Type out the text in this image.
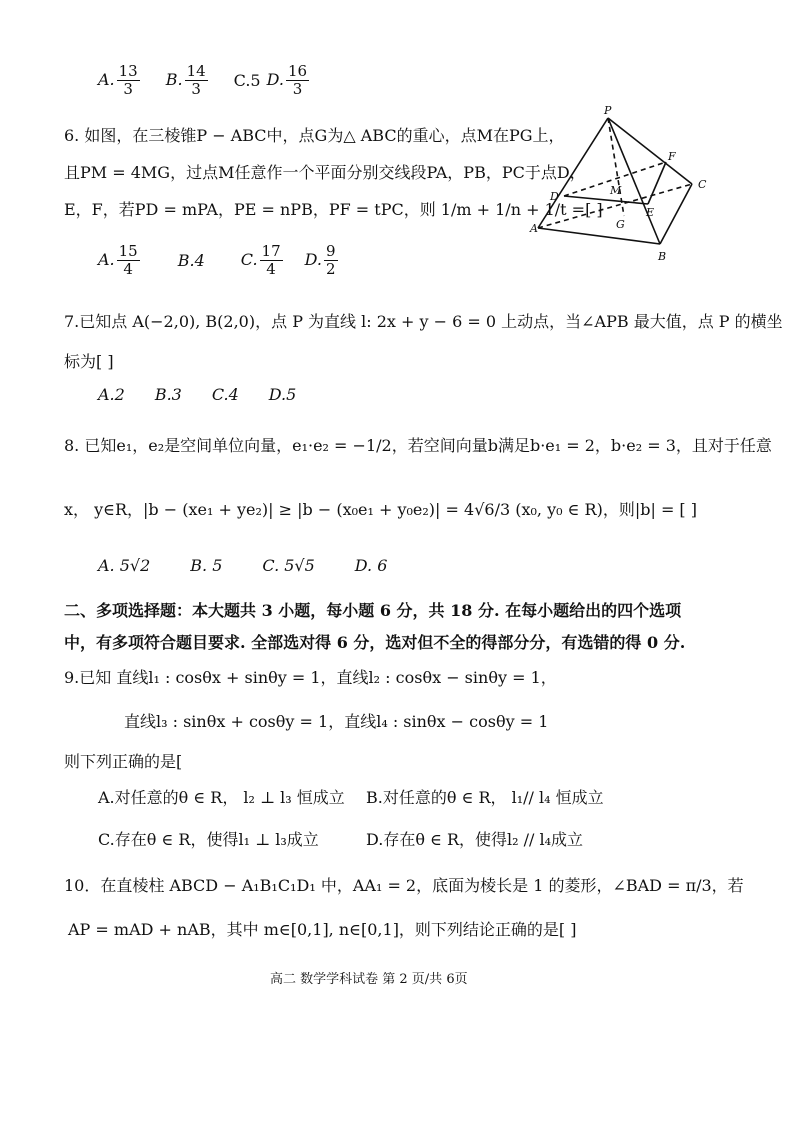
A. $\frac{13}{3} B$. $\frac{14}{3} C.5$ D. $\frac{16}{3}$
6. 如图，在三棱锥P − ABC中，点G为△ ABC的重心，点M在PG上，
且PM = 4MG，过点M任意作一个平面分别交线段PA，PB，PC于点D，
E，F，若PD = mPA，PE = nPB，PF = tPC，则 1/m + 1/n + 1/t =[ ]
A. $\frac{15}{4} B.4$ C. $\frac{17}{4} D$. $\frac{9}{2}$
P
F
C
D	M
E
G
A
B
7.已知点 A(−2,0), B(2,0)，点 P 为直线 l: 2x + y − 6 = 0 上动点，当∠APB 最大值，点 P 的横坐
标为[ ]
A.2 B.3 C.4 D.5
8. 已知e₁，e₂是空间单位向量，e₁·e₂ = −1/2，若空间向量b满足b·e₁ = 2，b·e₂ = 3，且对于任意
x， y∈R，|b − (xe₁ + ye₂)| ≥ |b − (x₀e₁ + y₀e₂)| = 4√6/3 (x₀, y₀ ∈ R)，则|b| = [ ]
A. 5√2	B. 5	C. 5√5	D. 6
二、多项选择题：本大题共 3 小题，每小题 6 分，共 18 分. 在每小题给出的四个选项
中，有多项符合题目要求. 全部选对得 6 分，选对但不全的得部分分，有选错的得 0 分.
9.已知 直线l₁ : cosθx + sinθy = 1，直线l₂ : cosθx − sinθy = 1，
直线l₃ : sinθx + cosθy = 1，直线l₄ : sinθx − cosθy = 1
则下列正确的是[
A.对任意的θ ∈ R， l₂ ⊥ l₃ 恒成立 B.对任意的θ ∈ R， l₁// l₄ 恒成立
C.存在θ ∈ R，使得l₁ ⊥ l₃成立	D.存在θ ∈ R，使得l₂ // l₄成立
10．在直棱柱 ABCD − A₁B₁C₁D₁ 中，AA₁ = 2，底面为棱长是 1 的菱形，∠BAD = π/3，若
AP = mAD + nAB，其中 m∈[0,1], n∈[0,1]，则下列结论正确的是[ ]
高二 数学学科试卷 第 2 页/共 6页
